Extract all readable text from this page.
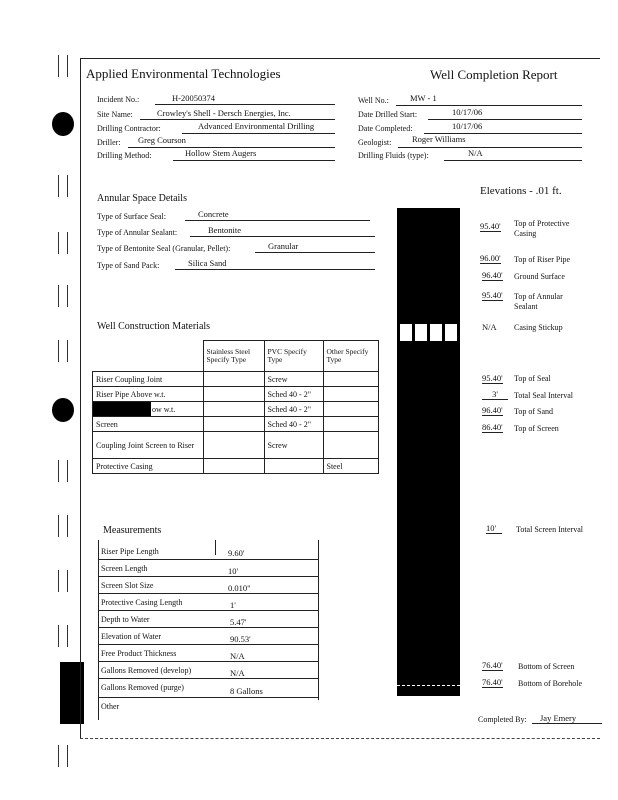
Applied Environmental Technologies	Well Completion Report
Incident No.:	H-20050374
Site Name:	Crowley's Shell - Dersch Energies, Inc.
Drilling Contractor:	Advanced Environmental Drilling
Driller: Greg Courson
Drilling Method:	Hollow Stem Augers
Well No.: MW - 1
Date Drilled Start:	10/17/06
Date Completed:	10/17/06
Geologist: Roger Williams
Drilling Fluids (type):	N/A
Annular Space Details
Type of Surface Seal:	Concrete
Type of Annular Sealant:	Bentonite
Type of Bentonite Seal (Granular, Pellet):	Granular
Type of Sand Pack:	Silica Sand
Well Construction Materials
	Stainless Steel Specify Type	PVC Specify Type	Other Specify Type
Riser Coupling Joint		Screw	
Riser Pipe Above w.t.		Sched 40 - 2"	

ow w.t.		Sched 40 - 2"	
Screen		Sched 40 - 2"	
Coupling Joint Screen to Riser		Screw	
Protective Casing			Steel
Measurements
Riser Pipe Length	9.60'
Screen Length	10'
Screen Slot Size	0.010"
Protective Casing Length	1'
Depth to Water	5.47'
Elevation of Water	90.53'
Free Product Thickness	N/A
Gallons Removed (develop)	N/A
Gallons Removed (purge)	8 Gallons
Other
Elevations - .01 ft.
95.40' Top of Protective Casing
96.00' Top of Riser Pipe
96.40' Ground Surface
95.40' Top of Annular Sealant
N/A Casing Stickup
95.40' Top of Seal
3'	Total Seal Interval
96.40' Top of Sand
86.40' Top of Screen
10'	Total Screen Interval
76.40' Bottom of Screen
76.40' Bottom of Borehole
Completed By: Jay Emery
